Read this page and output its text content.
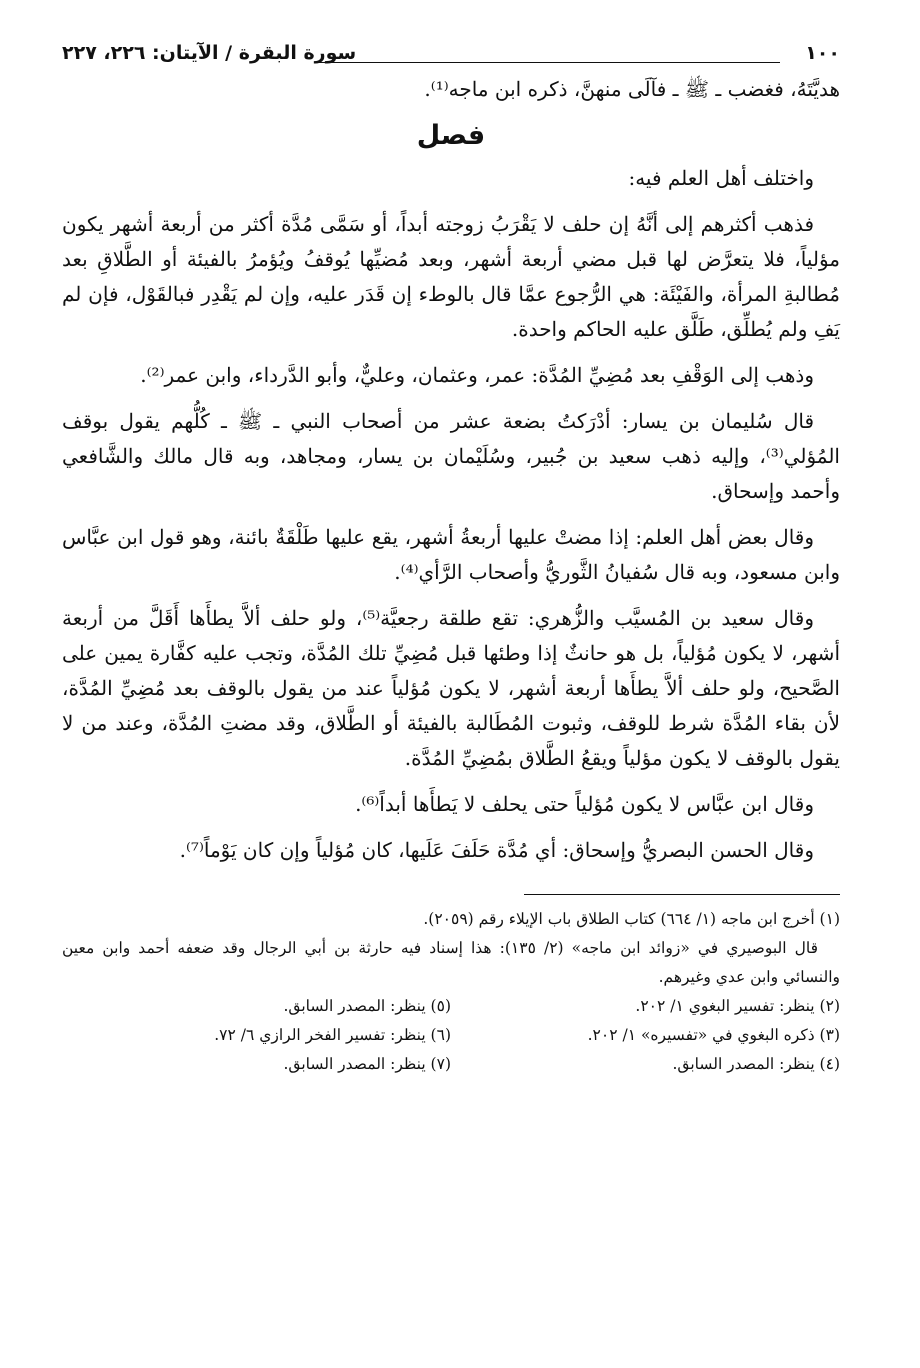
١٠٠
سورة البقرة / الآيتان: ٢٢٦، ٢٢٧

هديَّتَهُ، فغضب ـ ﷺ ـ فآلَى منهنَّ، ذكره ابن ماجه⁽¹⁾.

فصل

واختلف أهل العلم فيه:

فذهب أكثرهم إلى أنَّهُ إن حلف لا يَقْرَبُ زوجته أبداً، أو سَمَّى مُدَّة أكثر من أربعة أشهر يكون مؤلياً، فلا يتعرَّض لها قبل مضي أربعة أشهر، وبعد مُضيِّها يُوقفُ ويُؤمرُ بالفيئة أو الطَّلاقِ بعد مُطالبةِ المرأة، والفَيْئَة: هي الرُّجوع عمَّا قال بالوطء إن قَدَر عليه، وإن لم يَقْدِر فبالقَوْل، فإن لم يَفِ ولم يُطلِّق، طَلَّق عليه الحاكم واحدة.

وذهب إلى الوَقْفِ بعد مُضِيِّ المُدَّة: عمر، وعثمان، وعليٌّ، وأبو الدَّرداء، وابن عمر⁽²⁾.

قال سُليمان بن يسار: أدْرَكتُ بضعة عشر من أصحاب النبي ـ ﷺ ـ كُلُّهم يقول بوقف المُؤلي⁽³⁾، وإليه ذهب سعيد بن جُبير، وسُلَيْمان بن يسار، ومجاهد، وبه قال مالك والشَّافعي وأحمد وإسحاق.

وقال بعض أهل العلم: إذا مضتْ عليها أربعةُ أشهر، يقع عليها طَلْقَةٌ بائنة، وهو قول ابن عبَّاس وابن مسعود، وبه قال سُفيانُ الثَّوريُّ وأصحاب الرَّأي⁽⁴⁾.

وقال سعيد بن المُسيَّب والزُّهري: تقع طلقة رجعيَّة⁽⁵⁾، ولو حلف ألاَّ يطأَها أَقَلَّ من أربعة أشهر، لا يكون مُؤلياً، بل هو حانثٌ إذا وطئها قبل مُضِيِّ تلك المُدَّة، وتجب عليه كفَّارة يمين على الصَّحيح، ولو حلف ألاَّ يطأَها أربعة أشهر، لا يكون مُؤلياً عند من يقول بالوقف بعد مُضِيِّ المُدَّة، لأن بقاء المُدَّة شرط للوقف، وثبوت المُطَالبة بالفيئة أو الطَّلاق، وقد مضتِ المُدَّة، وعند من لا يقول بالوقف لا يكون مؤلياً ويقعُ الطَّلاق بمُضِيِّ المُدَّة.

وقال ابن عبَّاس لا يكون مُؤلياً حتى يحلف لا يَطأَها أبداً⁽⁶⁾.

وقال الحسن البصريُّ وإسحاق: أي مُدَّة حَلَفَ عَلَيها، كان مُؤلياً وإن كان يَوْماً⁽⁷⁾.

(١) أخرج ابن ماجه (١/ ٦٦٤) كتاب الطلاق باب الإيلاء رقم (٢٠٥٩).

قال البوصيري في «زوائد ابن ماجه» (٢/ ١٣٥): هذا إسناد فيه حارثة بن أبي الرجال وقد ضعفه أحمد وابن معين والنسائي وابن عدي وغيرهم.

(٢) ينظر: تفسير البغوي ١/ ٢٠٢.
(٥) ينظر: المصدر السابق.
(٣) ذكره البغوي في «تفسيره» ١/ ٢٠٢.
(٦) ينظر: تفسير الفخر الرازي ٦/ ٧٢.
(٤) ينظر: المصدر السابق.
(٧) ينظر: المصدر السابق.
